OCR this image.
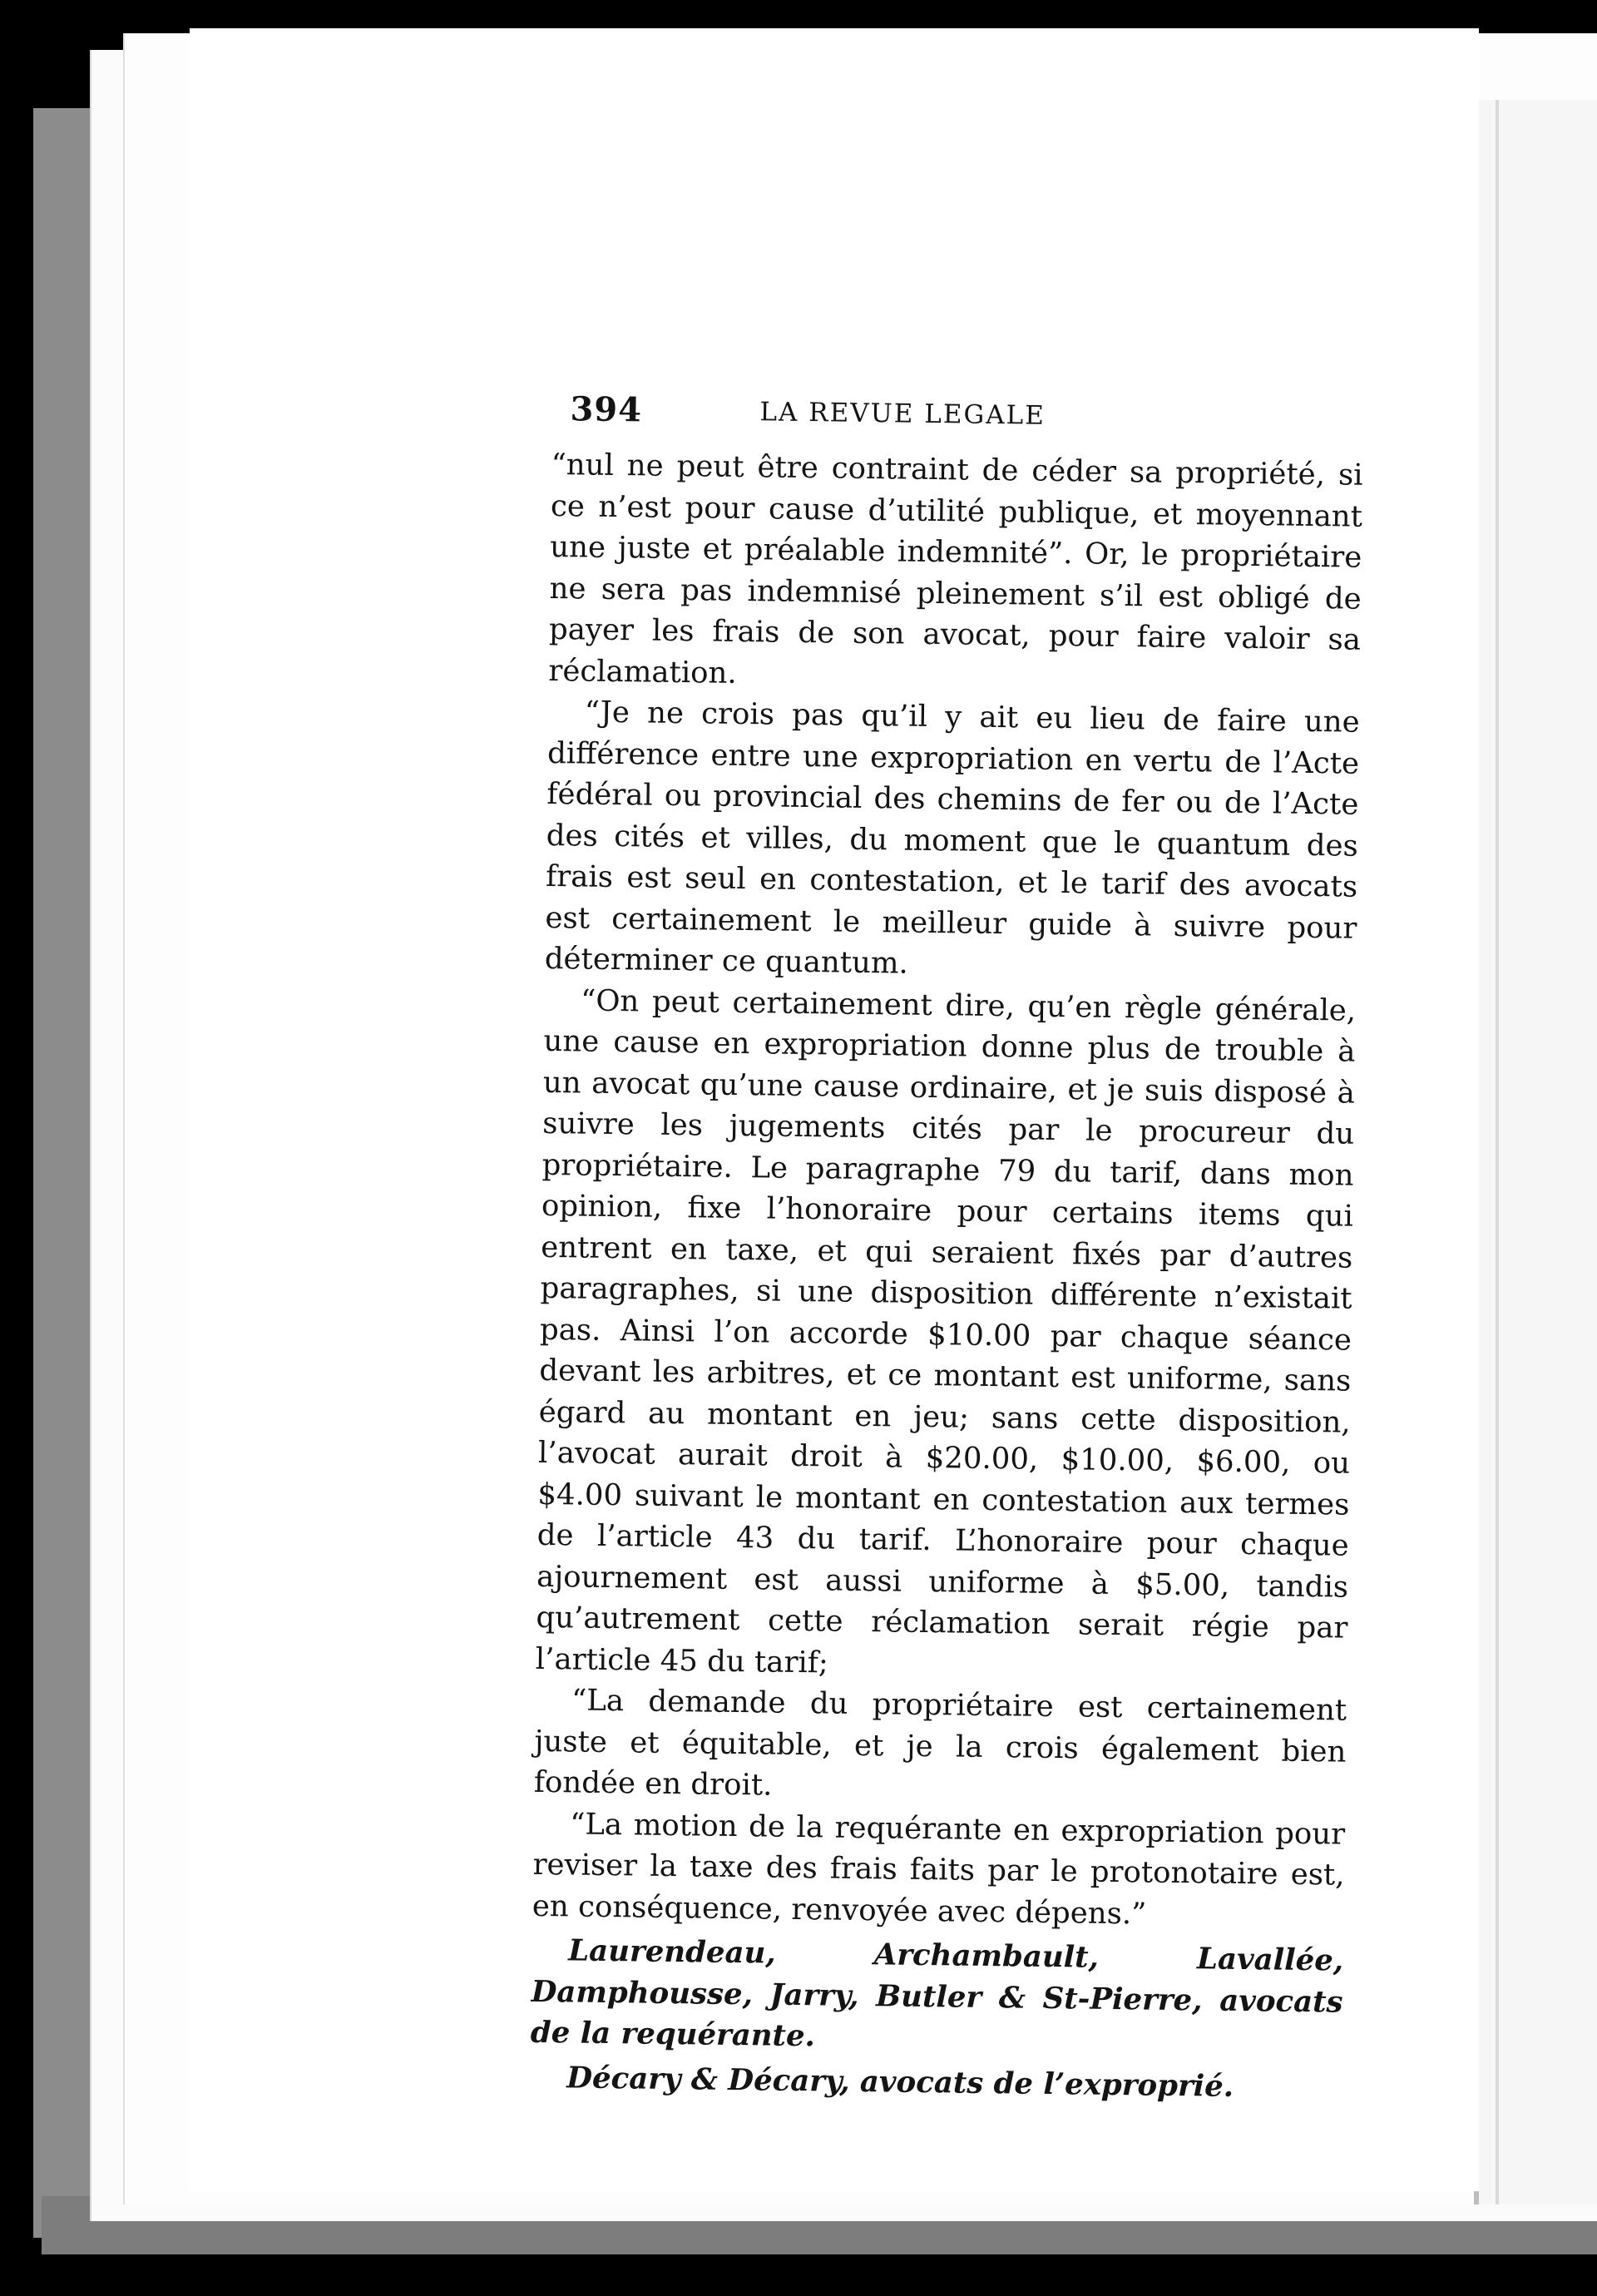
394	LA REVUE LEGALE

“nul ne peut être contraint de céder sa propriété, si ce n’est pour cause d’utilité publique, et moyennant une juste et préalable indemnité”. Or, le propriétaire ne sera pas indemnisé pleinement s’il est obligé de payer les frais de son avocat, pour faire valoir sa réclamation.

“Je ne crois pas qu’il y ait eu lieu de faire une différence entre une expropriation en vertu de l’Acte fédéral ou provincial des chemins de fer ou de l’Acte des cités et villes, du moment que le quantum des frais est seul en contestation, et le tarif des avocats est certainement le meilleur guide à suivre pour déterminer ce quantum.

“On peut certainement dire, qu’en règle générale, une cause en expropriation donne plus de trouble à un avocat qu’une cause ordinaire, et je suis disposé à suivre les jugements cités par le procureur du propriétaire. Le paragraphe 79 du tarif, dans mon opinion, fixe l’honoraire pour certains items qui entrent en taxe, et qui seraient fixés par d’autres paragraphes, si une disposition différente n’existait pas. Ainsi l’on accorde $10.00 par chaque séance devant les arbitres, et ce montant est uniforme, sans égard au montant en jeu; sans cette disposition, l’avocat aurait droit à $20.00, $10.00, $6.00, ou $4.00 suivant le montant en contestation aux termes de l’article 43 du tarif. L’honoraire pour chaque ajournement est aussi uniforme à $5.00, tandis qu’autrement cette réclamation serait régie par l’article 45 du tarif;

“La demande du propriétaire est certainement juste et équitable, et je la crois également bien fondée en droit.

“La motion de la requérante en expropriation pour reviser la taxe des frais faits par le protonotaire est, en conséquence, renvoyée avec dépens.”

Laurendeau, Archambault, Lavallée, Damphousse, Jarry, Butler & St-Pierre, avocats de la requérante.

Décary & Décary, avocats de l’exproprié.
